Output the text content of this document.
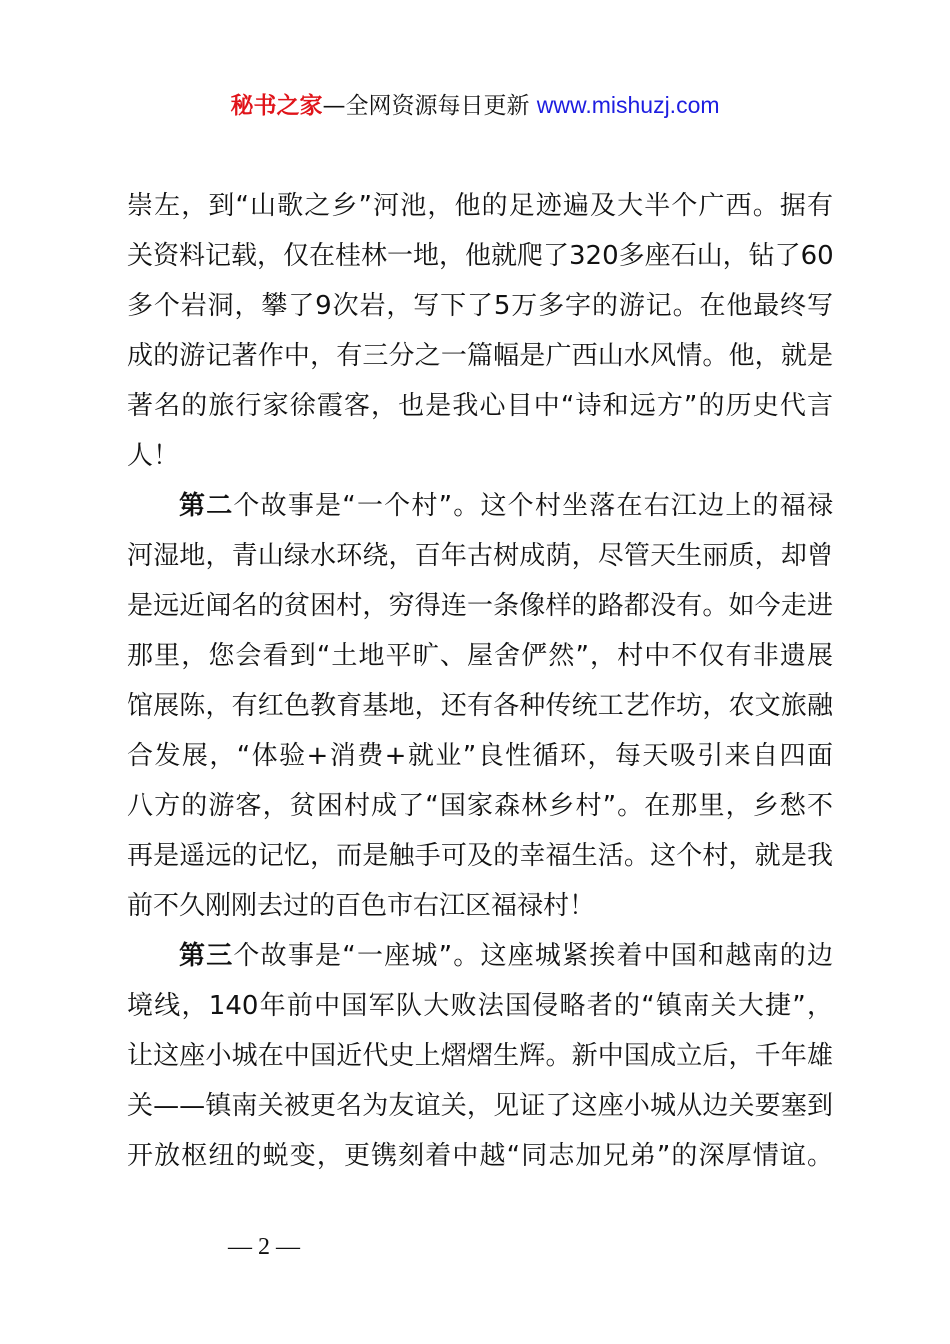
秘书之家—全网资源每日更新 www.mishuzj.com
崇左，到“山歌之乡”河池，他的足迹遍及大半个广西。据有
关资料记载，仅在桂林一地，他就爬了320多座石山，钻了60
多个岩洞，攀了9次岩，写下了5万多字的游记。在他最终写
成的游记著作中，有三分之一篇幅是广西山水风情。他，就是
著名的旅行家徐霞客，也是我心目中“诗和远方”的历史代言
人！
第二个故事是“一个村”。这个村坐落在右江边上的福禄
河湿地，青山绿水环绕，百年古树成荫，尽管天生丽质，却曾
是远近闻名的贫困村，穷得连一条像样的路都没有。如今走进
那里，您会看到“土地平旷、屋舍俨然”，村中不仅有非遗展
馆展陈，有红色教育基地，还有各种传统工艺作坊，农文旅融
合发展，“体验+消费+就业”良性循环，每天吸引来自四面
八方的游客，贫困村成了“国家森林乡村”。在那里，乡愁不
再是遥远的记忆，而是触手可及的幸福生活。这个村，就是我
前不久刚刚去过的百色市右江区福禄村！
第三个故事是“一座城”。这座城紧挨着中国和越南的边
境线，140年前中国军队大败法国侵略者的“镇南关大捷”，
让这座小城在中国近代史上熠熠生辉。新中国成立后，千年雄
关——镇南关被更名为友谊关，见证了这座小城从边关要塞到
开放枢纽的蜕变，更镌刻着中越“同志加兄弟”的深厚情谊。
— 2 —
